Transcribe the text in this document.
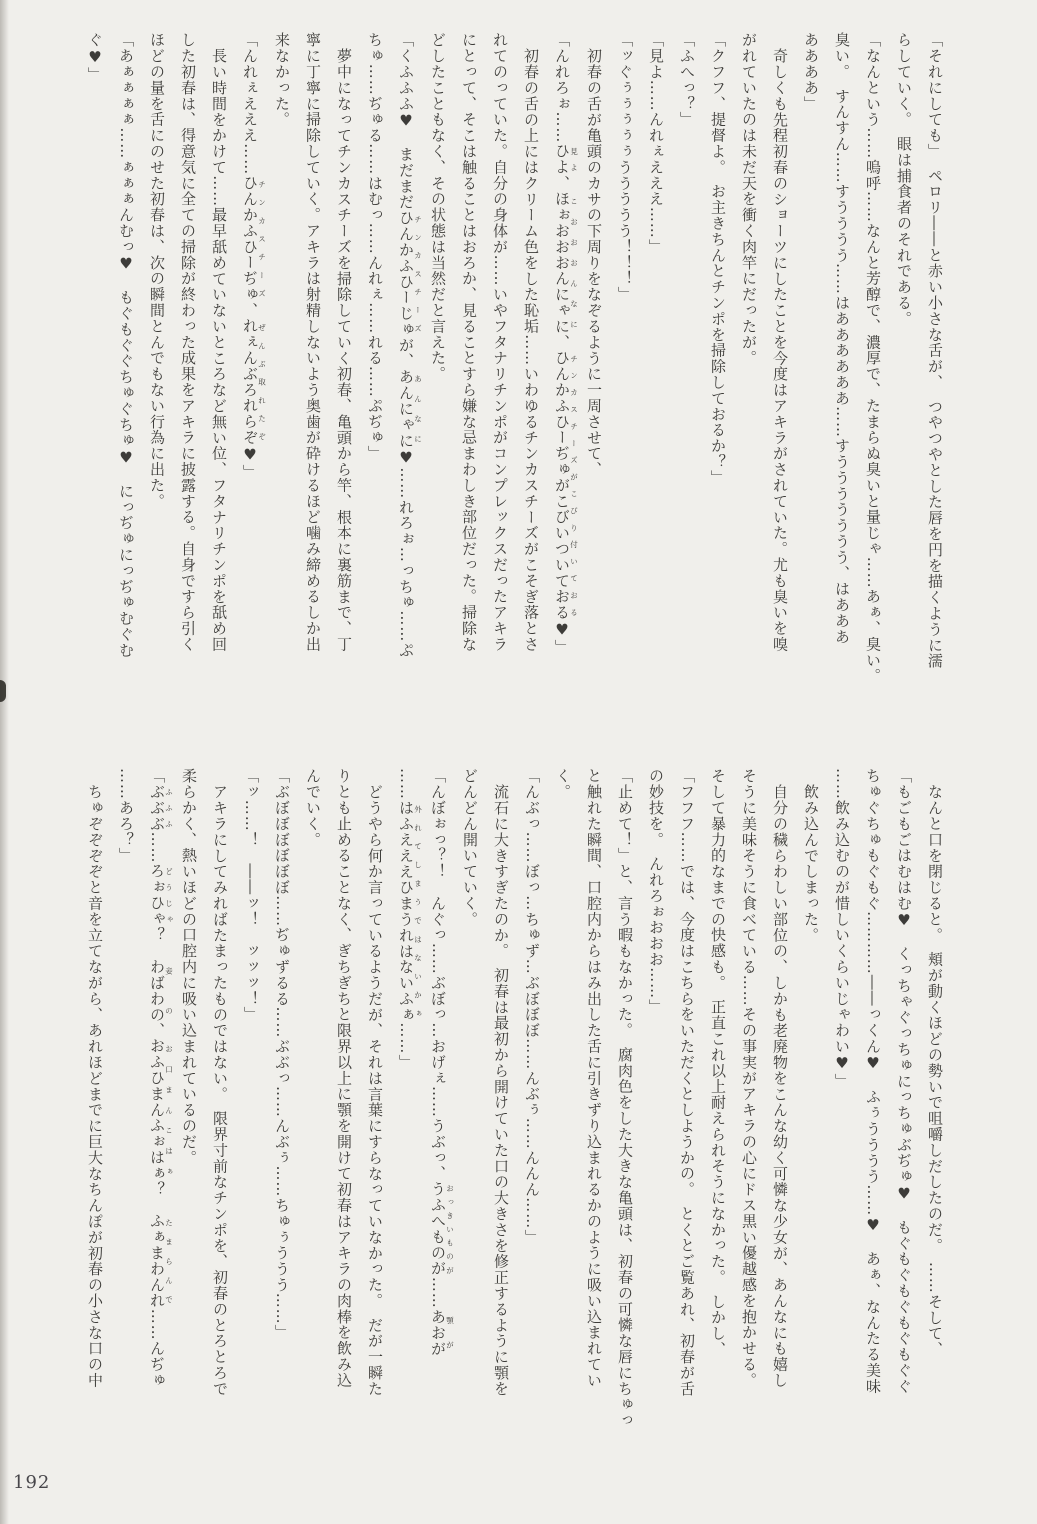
「それにしても」　ペロリ――と赤い小さな舌が、　つやつやとした唇を円を描くように濡
らしていく。　眼は捕食者のそれである。
「なんという……嗚呼……なんと芳醇で、濃厚で、たまらぬ臭いと量じゃ……あぁ、臭い。
臭い。　すんすん……すうううう……はああああああ……すううううううう、はあああ
ああああ」
奇しくも先程初春のショーツにしたことを今度はアキラがされていた。尤も臭いを嗅
がれていたのは未だ天を衝く肉竿にだったが。
「クフフ、提督よ。　お主きちんとチンポを掃除しておるか？」
「ふへっ？」
「見よ……んれぇえええ……」
「ッぐぅぅぅぅぅううううう！！！」
初春の舌が亀頭のカサの下周りをなぞるように一周させて、
「んれろぉ……ひよ見よ、ほぉおおおんにゃにこおおおんなに、ひんかふひーぢゅがこびいついておるチンカスチーズがこびり付いておる♥」
初春の舌の上にはクリーム色をした恥垢……いわゆるチンカスチーズがこそぎ落とさ
れてのっていた。自分の身体が……いやフタナリチンポがコンプレックスだったアキラ
にとって、そこは触ることはおろか、見ることすら嫌な忌まわしき部位だった。掃除な
どしたこともなく、その状態は当然だと言えた。
「くふふふ♥　まだまだひんかふひーじゅチンカスチーズが、あんにゃにあんなに♥……れろぉ…っちゅ……ぷ
ちゅ……ぢゅる……はむっ……んれぇ……れる……ぷぢゅ」
夢中になってチンカスチーズを掃除していく初春、亀頭から竿、根本に裏筋まで、丁
寧に丁寧に掃除していく。アキラは射精しないよう奥歯が砕けるほど噛み締めるしか出
来なかった。
「んれぇえええ……ひんかふひーぢゅチンカスチーズ、れぇんぶろれらぞぜんぶ取れたぞ♥」
長い時間をかけて……最早舐めていないところなど無い位、フタナリチンポを舐め回
した初春は、得意気に全ての掃除が終わった成果をアキラに披露する。自身ですら引く
ほどの量を舌にのせた初春は、次の瞬間とんでもない行為に出た。
「あぁぁぁぁ……ぁぁぁんむっ♥　もぐもぐぐちゅぐちゅ♥　にっぢゅにっぢゅむぐむ
ぐ♥」
なんと口を閉じると。　頬が動くほどの勢いで咀嚼しだしたのだ。　……そして、
「もごもごはむはむ♥　くっちゃぐっちゅにっちゅぶぢゅ♥　もぐもぐもぐもぐもぐぐ
ちゅぐちゅもぐもぐ…………――っくん♥　ふぅうううう……♥　あぁ、なんたる美味
……飲み込むのが惜しいくらいじゃわい♥」
飲み込んでしまった。
自分の穢らわしい部位の、しかも老廃物をこんな幼く可憐な少女が、あんなにも嬉し
そうに美味そうに食べている……その事実がアキラの心にドス黒い優越感を抱かせる。
そして暴力的なまでの快感も。　正直これ以上耐えられそうになかった。　しかし、
「フフフ……では、今度はこちらをいただくとしようかの。　とくとご覧あれ、初春が舌
の妙技を。　んれろぉおおお……」
「止めて！」と、言う暇もなかった。　腐肉色をした大きな亀頭は、初春の可憐な唇にちゅっ
と触れた瞬間、口腔内からはみ出した舌に引きずり込まれるかのように吸い込まれてい
く。
「んぶっ……ぼっ…ちゅず…ぶぼぼぼ……んぶぅ……んんん……」
流石に大きすぎたのか。　初春は最初から開けていた口の大きさを修正するように顎を
どんどん開いていく。
「んぼぉっ？！　んぐっ……ぶぼっ…おげぇ……うぶっ、うふへものがおっきいものが……あおが顎が
……はふえええひまうれはないふぁ外れてしまうではないかぁ……」
どうやら何か言っているようだが、それは言葉にすらなっていなかった。　だが一瞬た
りとも止めることなく、ぎちぎちと限界以上に顎を開けて初春はアキラの肉棒を飲み込
んでいく。
「ぶぼぼぼぼぼぼ……ぢゅずるる……ぶぶっ……んぶぅ……ちゅぅううう……」
「ッ……！　――ッ！　ッッッ！」
アキラにしてみればたまったものではない。　限界寸前なチンポを、初春のとろとろで
柔らかく、熱いほどの口腔内に吸い込まれているのだ。
「ぶぶぶふふふ……ろぉひゃどうじゃ？　わばわの妾の、おふひまんふぉはぁお口まんこはぁ？　ふぁまわんれたまらんで……んぢゅ
……あろ？」
ちゅぞぞぞぞと音を立てながら、あれほどまでに巨大なちんぽが初春の小さな口の中
192
